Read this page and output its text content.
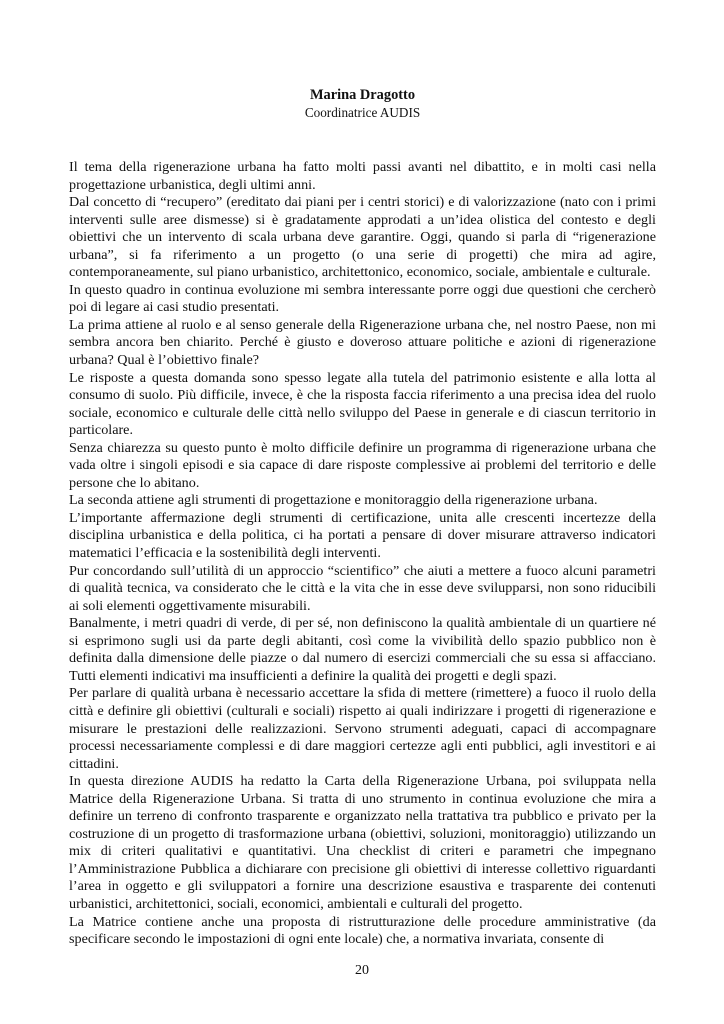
Marina Dragotto
Coordinatrice AUDIS

Il tema della rigenerazione urbana ha fatto molti passi avanti nel dibattito, e in molti casi nella progettazione urbanistica, degli ultimi anni.

Dal concetto di “recupero” (ereditato dai piani per i centri storici) e di valorizzazione (nato con i primi interventi sulle aree dismesse) si è gradatamente approdati a un’idea olistica del contesto e degli obiettivi che un intervento di scala urbana deve garantire. Oggi, quando si parla di “rigenerazione urbana”, si fa riferimento a un progetto (o una serie di progetti) che mira ad agire, contemporaneamente, sul piano urbanistico, architettonico, economico, sociale, ambientale e culturale.

In questo quadro in continua evoluzione mi sembra interessante porre oggi due questioni che cercherò poi di legare ai casi studio presentati.

La prima attiene al ruolo e al senso generale della Rigenerazione urbana che, nel nostro Paese, non mi sembra ancora ben chiarito. Perché è giusto e doveroso attuare politiche e azioni di rigenerazione urbana? Qual è l’obiettivo finale?

Le risposte a questa domanda sono spesso legate alla tutela del patrimonio esistente e alla lotta al consumo di suolo. Più difficile, invece, è che la risposta faccia riferimento a una precisa idea del ruolo sociale, economico e culturale delle città nello sviluppo del Paese in generale e di ciascun territorio in particolare.

Senza chiarezza su questo punto è molto difficile definire un programma di rigenerazione urbana che vada oltre i singoli episodi e sia capace di dare risposte complessive ai problemi del territorio e delle persone che lo abitano.

La seconda attiene agli strumenti di progettazione e monitoraggio della rigenerazione urbana.

L’importante affermazione degli strumenti di certificazione, unita alle crescenti incertezze della disciplina urbanistica e della politica, ci ha portati a pensare di dover misurare attraverso indicatori matematici l’efficacia e la sostenibilità degli interventi.

Pur concordando sull’utilità di un approccio “scientifico” che aiuti a mettere a fuoco alcuni parametri di qualità tecnica, va considerato che le città e la vita che in esse deve svilupparsi, non sono riducibili ai soli elementi oggettivamente misurabili.

Banalmente, i metri quadri di verde, di per sé, non definiscono la qualità ambientale di un quartiere né si esprimono sugli usi da parte degli abitanti, così come la vivibilità dello spazio pubblico non è definita dalla dimensione delle piazze o dal numero di esercizi commerciali che su essa si affacciano. Tutti elementi indicativi ma insufficienti a definire la qualità dei progetti e degli spazi.

Per parlare di qualità urbana è necessario accettare la sfida di mettere (rimettere) a fuoco il ruolo della città e definire gli obiettivi (culturali e sociali) rispetto ai quali indirizzare i progetti di rigenerazione e misurare le prestazioni delle realizzazioni. Servono strumenti adeguati, capaci di accompagnare processi necessariamente complessi e di dare maggiori certezze agli enti pubblici, agli investitori e ai cittadini.

In questa direzione AUDIS ha redatto la Carta della Rigenerazione Urbana, poi sviluppata nella Matrice della Rigenerazione Urbana. Si tratta di uno strumento in continua evoluzione che mira a definire un terreno di confronto trasparente e organizzato nella trattativa tra pubblico e privato per la costruzione di un progetto di trasformazione urbana (obiettivi, soluzioni, monitoraggio) utilizzando un mix di criteri qualitativi e quantitativi. Una checklist di criteri e parametri che impegnano l’Amministrazione Pubblica a dichiarare con precisione gli obiettivi di interesse collettivo riguardanti l’area in oggetto e gli sviluppatori a fornire una descrizione esaustiva e trasparente dei contenuti urbanistici, architettonici, sociali, economici, ambientali e culturali del progetto.

La Matrice contiene anche una proposta di ristrutturazione delle procedure amministrative (da specificare secondo le impostazioni di ogni ente locale) che, a normativa invariata, consente di

20
